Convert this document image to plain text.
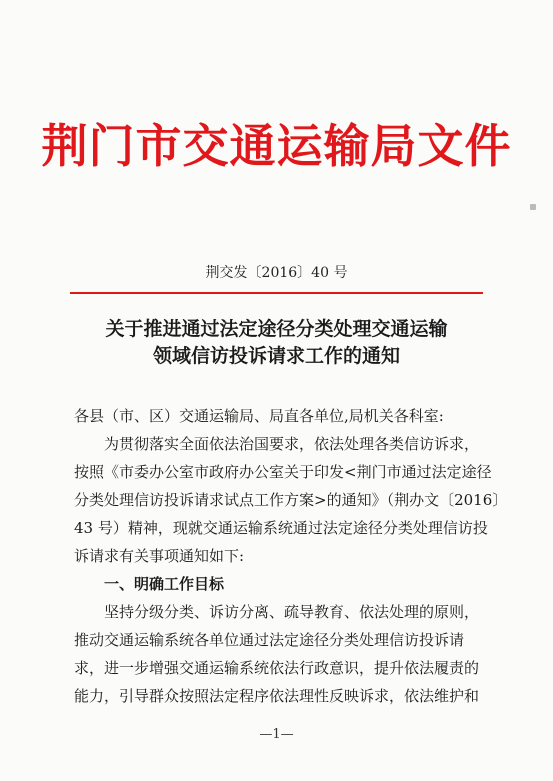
荆门市交通运输局文件
荆交发〔2016〕40 号
关于推进通过法定途径分类处理交通运输
领域信访投诉请求工作的通知
各县（市、区）交通运输局、局直各单位,局机关各科室:
为贯彻落实全面依法治国要求，依法处理各类信访诉求，
按照《市委办公室市政府办公室关于印发<荆门市通过法定途径
分类处理信访投诉请求试点工作方案>的通知》（荆办文〔2016〕
43 号）精神，现就交通运输系统通过法定途径分类处理信访投
诉请求有关事项通知如下:
一、明确工作目标
坚持分级分类、诉访分离、疏导教育、依法处理的原则，
推动交通运输系统各单位通过法定途径分类处理信访投诉请
求，进一步增强交通运输系统依法行政意识，提升依法履责的
能力，引导群众按照法定程序依法理性反映诉求，依法维护和
—1—
